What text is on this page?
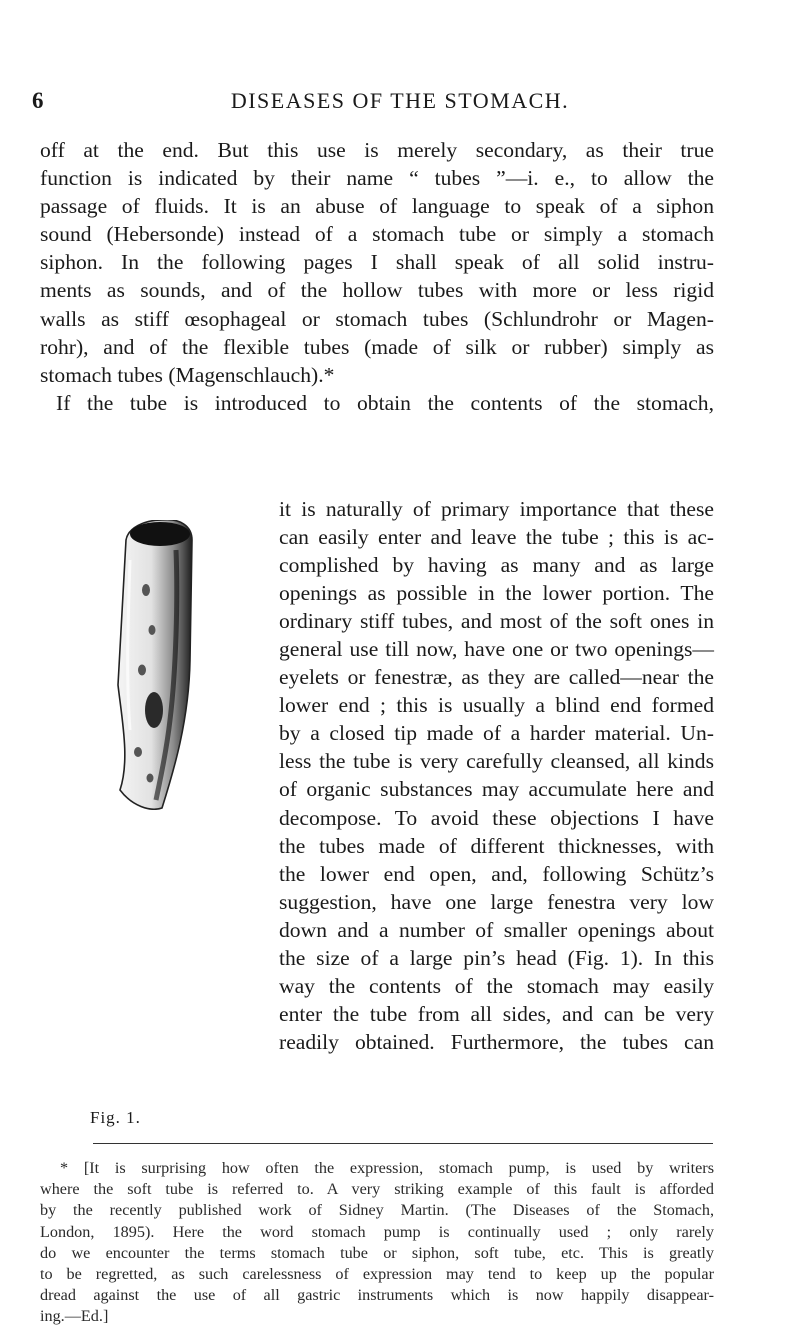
6	DISEASES OF THE STOMACH.
off at the end. But this use is merely secondary, as their true
function is indicated by their name “ tubes ”—i. e., to allow the
passage of fluids. It is an abuse of language to speak of a siphon
sound (Hebersonde) instead of a stomach tube or simply a stomach
siphon. In the following pages I shall speak of all solid instru-
ments as sounds, and of the hollow tubes with more or less rigid
walls as stiff œsophageal or stomach tubes (Schlundrohr or Magen-
rohr), and of the flexible tubes (made of silk or rubber) simply as
stomach tubes (Magenschlauch).*
If the tube is introduced to obtain the contents of the stomach,
it is naturally of primary importance that these
can easily enter and leave the tube ; this is ac-
complished by having as many and as large
openings as possible in the lower portion. The
ordinary stiff tubes, and most of the soft ones in
general use till now, have one or two openings—
eyelets or fenestræ, as they are called—near the
lower end ; this is usually a blind end formed
by a closed tip made of a harder material. Un-
less the tube is very carefully cleansed, all kinds
of organic substances may accumulate here and
decompose. To avoid these objections I have
the tubes made of different thicknesses, with
the lower end open, and, following Schütz’s
suggestion, have one large fenestra very low
down and a number of smaller openings about
the size of a large pin’s head (Fig. 1). In this
way the contents of the stomach may easily
enter the tube from all sides, and can be very
readily obtained. Furthermore, the tubes can
Fig. 1.
* [It is surprising how often the expression, stomach pump, is used by writers
where the soft tube is referred to. A very striking example of this fault is afforded
by the recently published work of Sidney Martin. (The Diseases of the Stomach,
London, 1895). Here the word stomach pump is continually used ; only rarely
do we encounter the terms stomach tube or siphon, soft tube, etc. This is greatly
to be regretted, as such carelessness of expression may tend to keep up the popular
dread against the use of all gastric instruments which is now happily disappear-
ing.—Ed.]
